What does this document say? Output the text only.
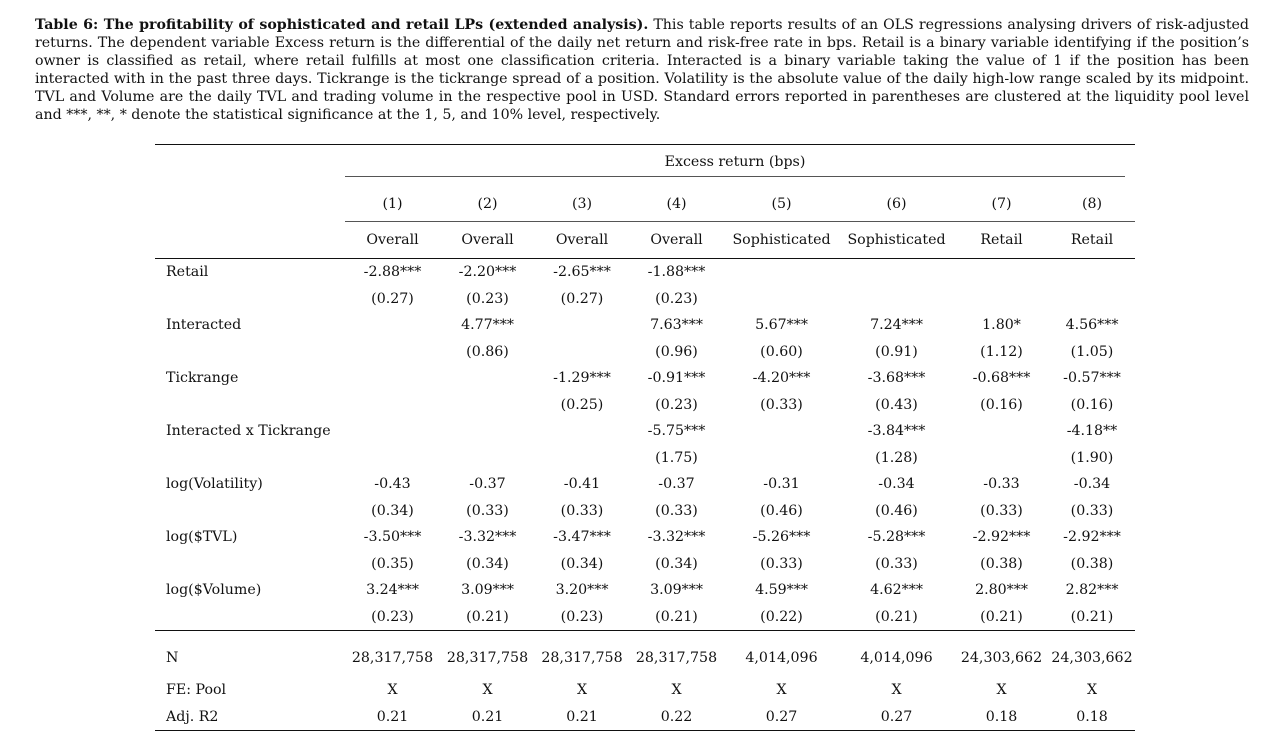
Table 6: The profitability of sophisticated and retail LPs (extended analysis). This table reports results of an OLS regressions analysing drivers of risk-adjusted returns. The dependent variable Excess return is the differential of the daily net return and risk-free rate in bps. Retail is a binary variable identifying if the position’s owner is classified as retail, where retail fulfills at most one classification criteria. Interacted is a binary variable taking the value of 1 if the position has been interacted with in the past three days. Tickrange is the tickrange spread of a position. Volatility is the absolute value of the daily high-low range scaled by its midpoint. TVL and Volume are the daily TVL and trading volume in the respective pool in USD. Standard errors reported in parentheses are clustered at the liquidity pool level and ***, **, * denote the statistical significance at the 1, 5, and 10% level, respectively.

	Excess return (bps)							

	(1)	(2)	(3)	(4)	(5)	(6)	(7)	(8)
	Overall	Overall	Overall	Overall	Sophisticated	Sophisticated	Retail	Retail
Retail	-2.88***	-2.20***	-2.65***	-1.88***				
	(0.27)	(0.23)	(0.27)	(0.23)				
Interacted		4.77***		7.63***	5.67***	7.24***	1.80*	4.56***
		(0.86)		(0.96)	(0.60)	(0.91)	(1.12)	(1.05)
Tickrange			-1.29***	-0.91***	-4.20***	-3.68***	-0.68***	-0.57***
			(0.25)	(0.23)	(0.33)	(0.43)	(0.16)	(0.16)
Interacted x Tickrange				-5.75***		-3.84***		-4.18**
				(1.75)		(1.28)		(1.90)
log(Volatility)	-0.43	-0.37	-0.41	-0.37	-0.31	-0.34	-0.33	-0.34
	(0.34)	(0.33)	(0.33)	(0.33)	(0.46)	(0.46)	(0.33)	(0.33)
log($TVL)	-3.50***	-3.32***	-3.47***	-3.32***	-5.26***	-5.28***	-2.92***	-2.92***
	(0.35)	(0.34)	(0.34)	(0.34)	(0.33)	(0.33)	(0.38)	(0.38)
log($Volume)	3.24***	3.09***	3.20***	3.09***	4.59***	4.62***	2.80***	2.82***
	(0.23)	(0.21)	(0.23)	(0.21)	(0.22)	(0.21)	(0.21)	(0.21)
N	28,317,758	28,317,758	28,317,758	28,317,758	4,014,096	4,014,096	24,303,662	24,303,662
FE: Pool	X	X	X	X	X	X	X	X
Adj. R2	0.21	0.21	0.21	0.22	0.27	0.27	0.18	0.18
